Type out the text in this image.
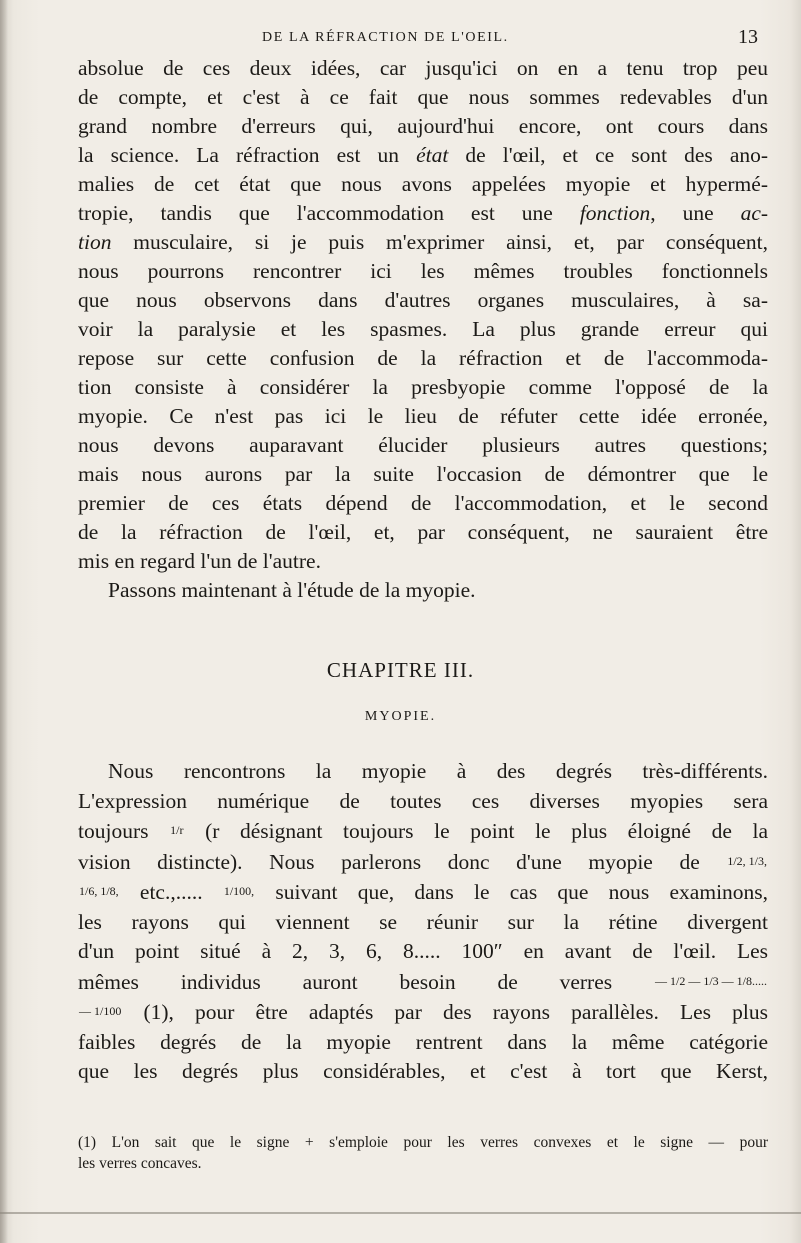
DE LA RÉFRACTION DE L'OEIL.	13
absolue de ces deux idées, car jusqu'ici on en a tenu trop peu
de compte, et c'est à ce fait que nous sommes redevables d'un
grand nombre d'erreurs qui, aujourd'hui encore, ont cours dans
la science. La réfraction est un état de l'œil, et ce sont des ano-
malies de cet état que nous avons appelées myopie et hypermé-
tropie, tandis que l'accommodation est une fonction, une ac-
tion musculaire, si je puis m'exprimer ainsi, et, par conséquent,
nous pourrons rencontrer ici les mêmes troubles fonctionnels
que nous observons dans d'autres organes musculaires, à sa-
voir la paralysie et les spasmes. La plus grande erreur qui
repose sur cette confusion de la réfraction et de l'accommoda-
tion consiste à considérer la presbyopie comme l'opposé de la
myopie. Ce n'est pas ici le lieu de réfuter cette idée erronée,
nous devons auparavant élucider plusieurs autres questions;
mais nous aurons par la suite l'occasion de démontrer que le
premier de ces états dépend de l'accommodation, et le second
de la réfraction de l'œil, et, par conséquent, ne sauraient être
mis en regard l'un de l'autre.
Passons maintenant à l'étude de la myopie.
CHAPITRE III.
MYOPIE.
Nous rencontrons la myopie à des degrés très-différents.
L'expression numérique de toutes ces diverses myopies sera
toujours 1/r (r désignant toujours le point le plus éloigné de la
vision distincte). Nous parlerons donc d'une myopie de 1/2, 1/3,
1/6, 1/8, etc.,..... 1/100, suivant que, dans le cas que nous examinons,
les rayons qui viennent se réunir sur la rétine divergent
d'un point situé à 2, 3, 6, 8..... 100″ en avant de l'œil. Les
mêmes individus auront besoin de verres	— 1/2 — 1/3 — 1/8.....
— 1/100 (1), pour être adaptés par des rayons parallèles. Les plus
faibles degrés de la myopie rentrent dans la même catégorie
que les degrés plus considérables, et c'est à tort que Kerst,
(1) L'on sait que le signe + s'emploie pour les verres convexes et le signe — pour
les verres concaves.
